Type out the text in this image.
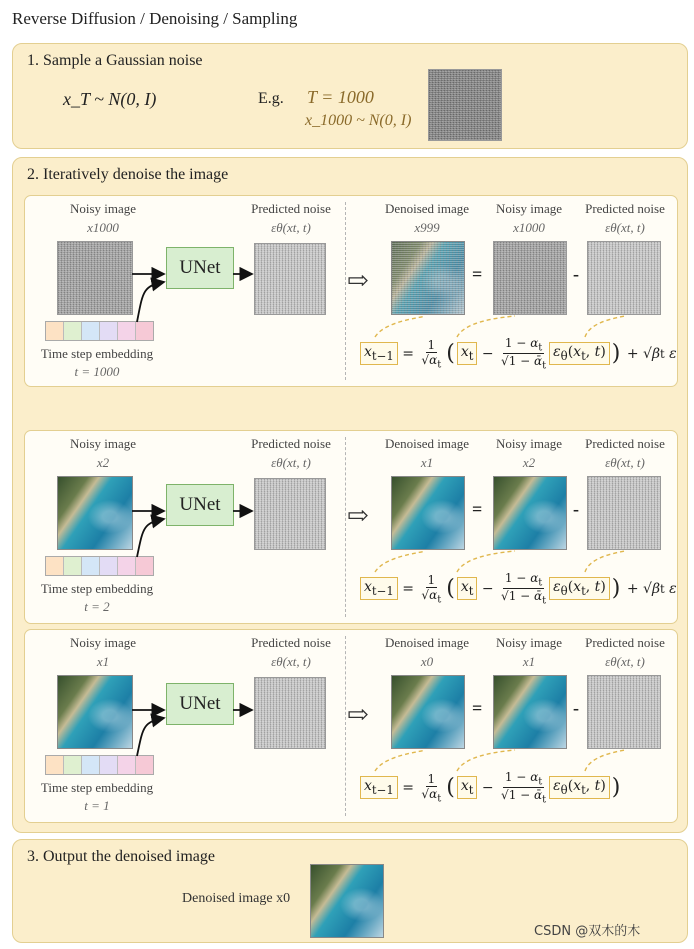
Reverse Diffusion / Denoising / Sampling
1. Sample a Gaussian noise
x_T ~ N(0, I)	E.g. T = 1000
x_1000 ~ N(0, I)
2. Iteratively denoise the image
Noisy image
x1000
UNet
Predicted noise
εθ(xt, t)
Time step embedding
t = 1000
⇨
Denoised image
x999
=
Noisy image
x1000
-
Predicted noise
εθ(xt, t)
$x_{t-1} = \frac{1}{√\alpha_t}$ ( $x_t - \frac{1 - \alpha_t}{√1 - ᾱ_t} \varepsilon_\theta(x_t$, t) ) + √ β t
ε
Noisy image
x2
UNet
Predicted noise
εθ(xt, t)
Time step embedding
t = 2
⇨
Denoised image
x1
=
Noisy image
x2
-
Predicted noise
εθ(xt, t)
$x_{t-1} = \frac{1}{√\alpha_t}$ ( $x_t - \frac{1 - \alpha_t}{√1 - ᾱ_t} \varepsilon_\theta(x_t$, t) ) + √ β t
ε
Noisy image
x1
UNet
Predicted noise
εθ(xt, t)
Time step embedding
t = 1
⇨
Denoised image
x0
=
Noisy image
x1
-
Predicted noise
εθ(xt, t)
$x_{t-1} = \frac{1}{√\alpha_t}$ ( $x_t - \frac{1 - \alpha_t}{√1 - ᾱ_t} \varepsilon_\theta(x_t$, t) )
3. Output the denoised image
Denoised image x0
CSDN @双木的木
